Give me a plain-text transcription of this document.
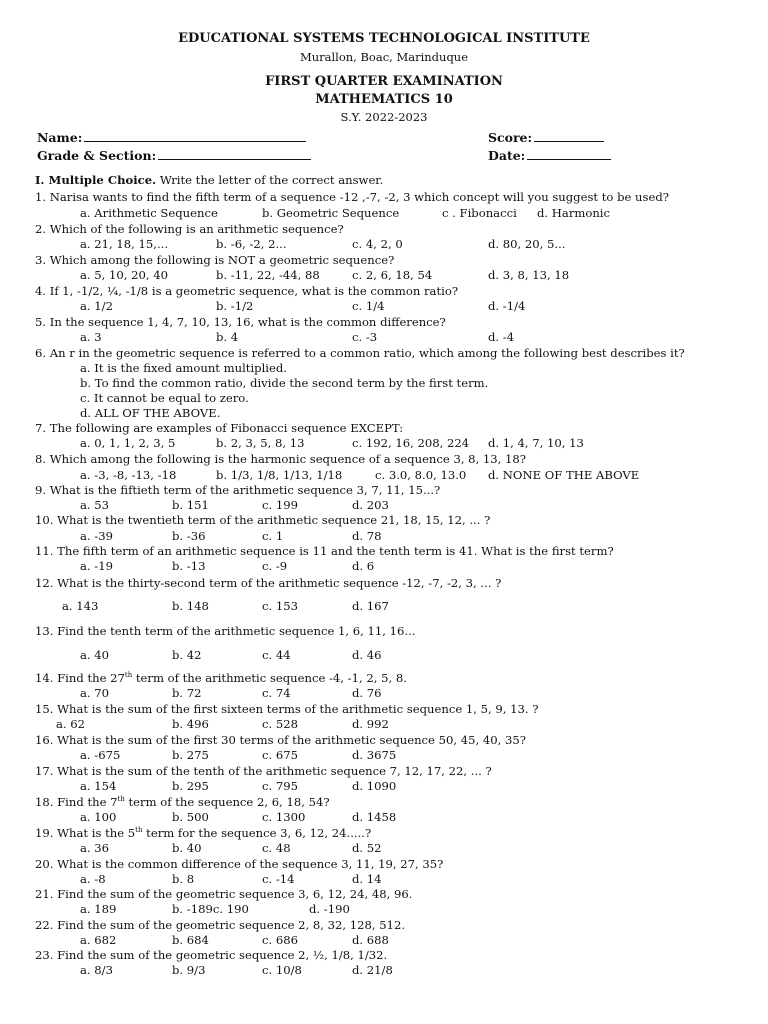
EDUCATIONAL SYSTEMS TECHNOLOGICAL INSTITUTE
Murallon, Boac, Marinduque
FIRST QUARTER EXAMINATION
MATHEMATICS 10
S.Y. 2022-2023
Name:
Grade & Section:
Score:
Date:
I. Multiple Choice. Write the letter of the correct answer.
1. Narisa wants to find the fifth term of a sequence -12 ,-7, -2, 3 which concept will you suggest to be used?
a. Arithmetic Sequence	b. Geometric Sequence	c . Fibonacci d. Harmonic
2. Which of the following is an arithmetic sequence?
a. 21, 18, 15,...	b. -6, -2, 2...	c. 4, 2, 0	d. 80, 20, 5...
3. Which among the following is NOT a geometric sequence?
a. 5, 10, 20, 40	b. -11, 22, -44, 88	c. 2, 6, 18, 54	d. 3, 8, 13, 18
4. If 1, -1/2, ¼, -1/8 is a geometric sequence, what is the common ratio?
a. 1/2	b. -1/2	c. 1/4	d. -1/4
5. In the sequence 1, 4, 7, 10, 13, 16, what is the common difference?
a. 3	b. 4	c. -3	d. -4
6. An r in the geometric sequence is referred to a common ratio, which among the following best describes it?
a. It is the fixed amount multiplied.
b. To find the common ratio, divide the second term by the first term.
c. It cannot be equal to zero.
d. ALL OF THE ABOVE.
7. The following are examples of Fibonacci sequence EXCEPT:
a. 0, 1, 1, 2, 3, 5	b. 2, 3, 5, 8, 13	c. 192, 16, 208, 224 d. 1, 4, 7, 10, 13
8. Which among the following is the harmonic sequence of a sequence 3, 8, 13, 18?
a. -3, -8, -13, -18	b. 1/3, 1/8, 1/13, 1/18	c. 3.0, 8.0, 13.0 d. NONE OF THE ABOVE
9. What is the fiftieth term of the arithmetic sequence 3, 7, 11, 15...?
a. 53	b. 151	c. 199	d. 203
10. What is the twentieth term of the arithmetic sequence 21, 18, 15, 12, ... ?
a. -39	b. -36	c. 1	d. 78
11. The fifth term of an arithmetic sequence is 11 and the tenth term is 41. What is the first term?
a. -19	b. -13	c. -9	d. 6
12. What is the thirty-second term of the arithmetic sequence -12, -7, -2, 3, ... ?
a. 143	b. 148	c. 153	d. 167
13. Find the tenth term of the arithmetic sequence 1, 6, 11, 16...
a. 40	b. 42	c. 44	d. 46
14. Find the 27th term of the arithmetic sequence -4, -1, 2, 5, 8.
a. 70	b. 72	c. 74	d. 76
15. What is the sum of the first sixteen terms of the arithmetic sequence 1, 5, 9, 13. ?
a. 62	b. 496	c. 528	d. 992
16. What is the sum of the first 30 terms of the arithmetic sequence 50, 45, 40, 35?
a. -675	b. 275	c. 675	d. 3675
17. What is the sum of the tenth of the arithmetic sequence 7, 12, 17, 22, ... ?
a. 154	b. 295	c. 795	d. 1090
18. Find the 7th term of the sequence 2, 6, 18, 54?
a. 100	b. 500	c. 1300	d. 1458
19. What is the 5th term for the sequence 3, 6, 12, 24.....?
a. 36	b. 40	c. 48	d. 52
20. What is the common difference of the sequence 3, 11, 19, 27, 35?
a. -8	b. 8	c. -14	d. 14
21. Find the sum of the geometric sequence 3, 6, 12, 24, 48, 96.
a. 189	b. -189c. 190	d. -190
22. Find the sum of the geometric sequence 2, 8, 32, 128, 512.
a. 682	b. 684	c. 686	d. 688
23. Find the sum of the geometric sequence 2, ½, 1/8, 1/32.
a. 8/3	b. 9/3	c. 10/8	d. 21/8
